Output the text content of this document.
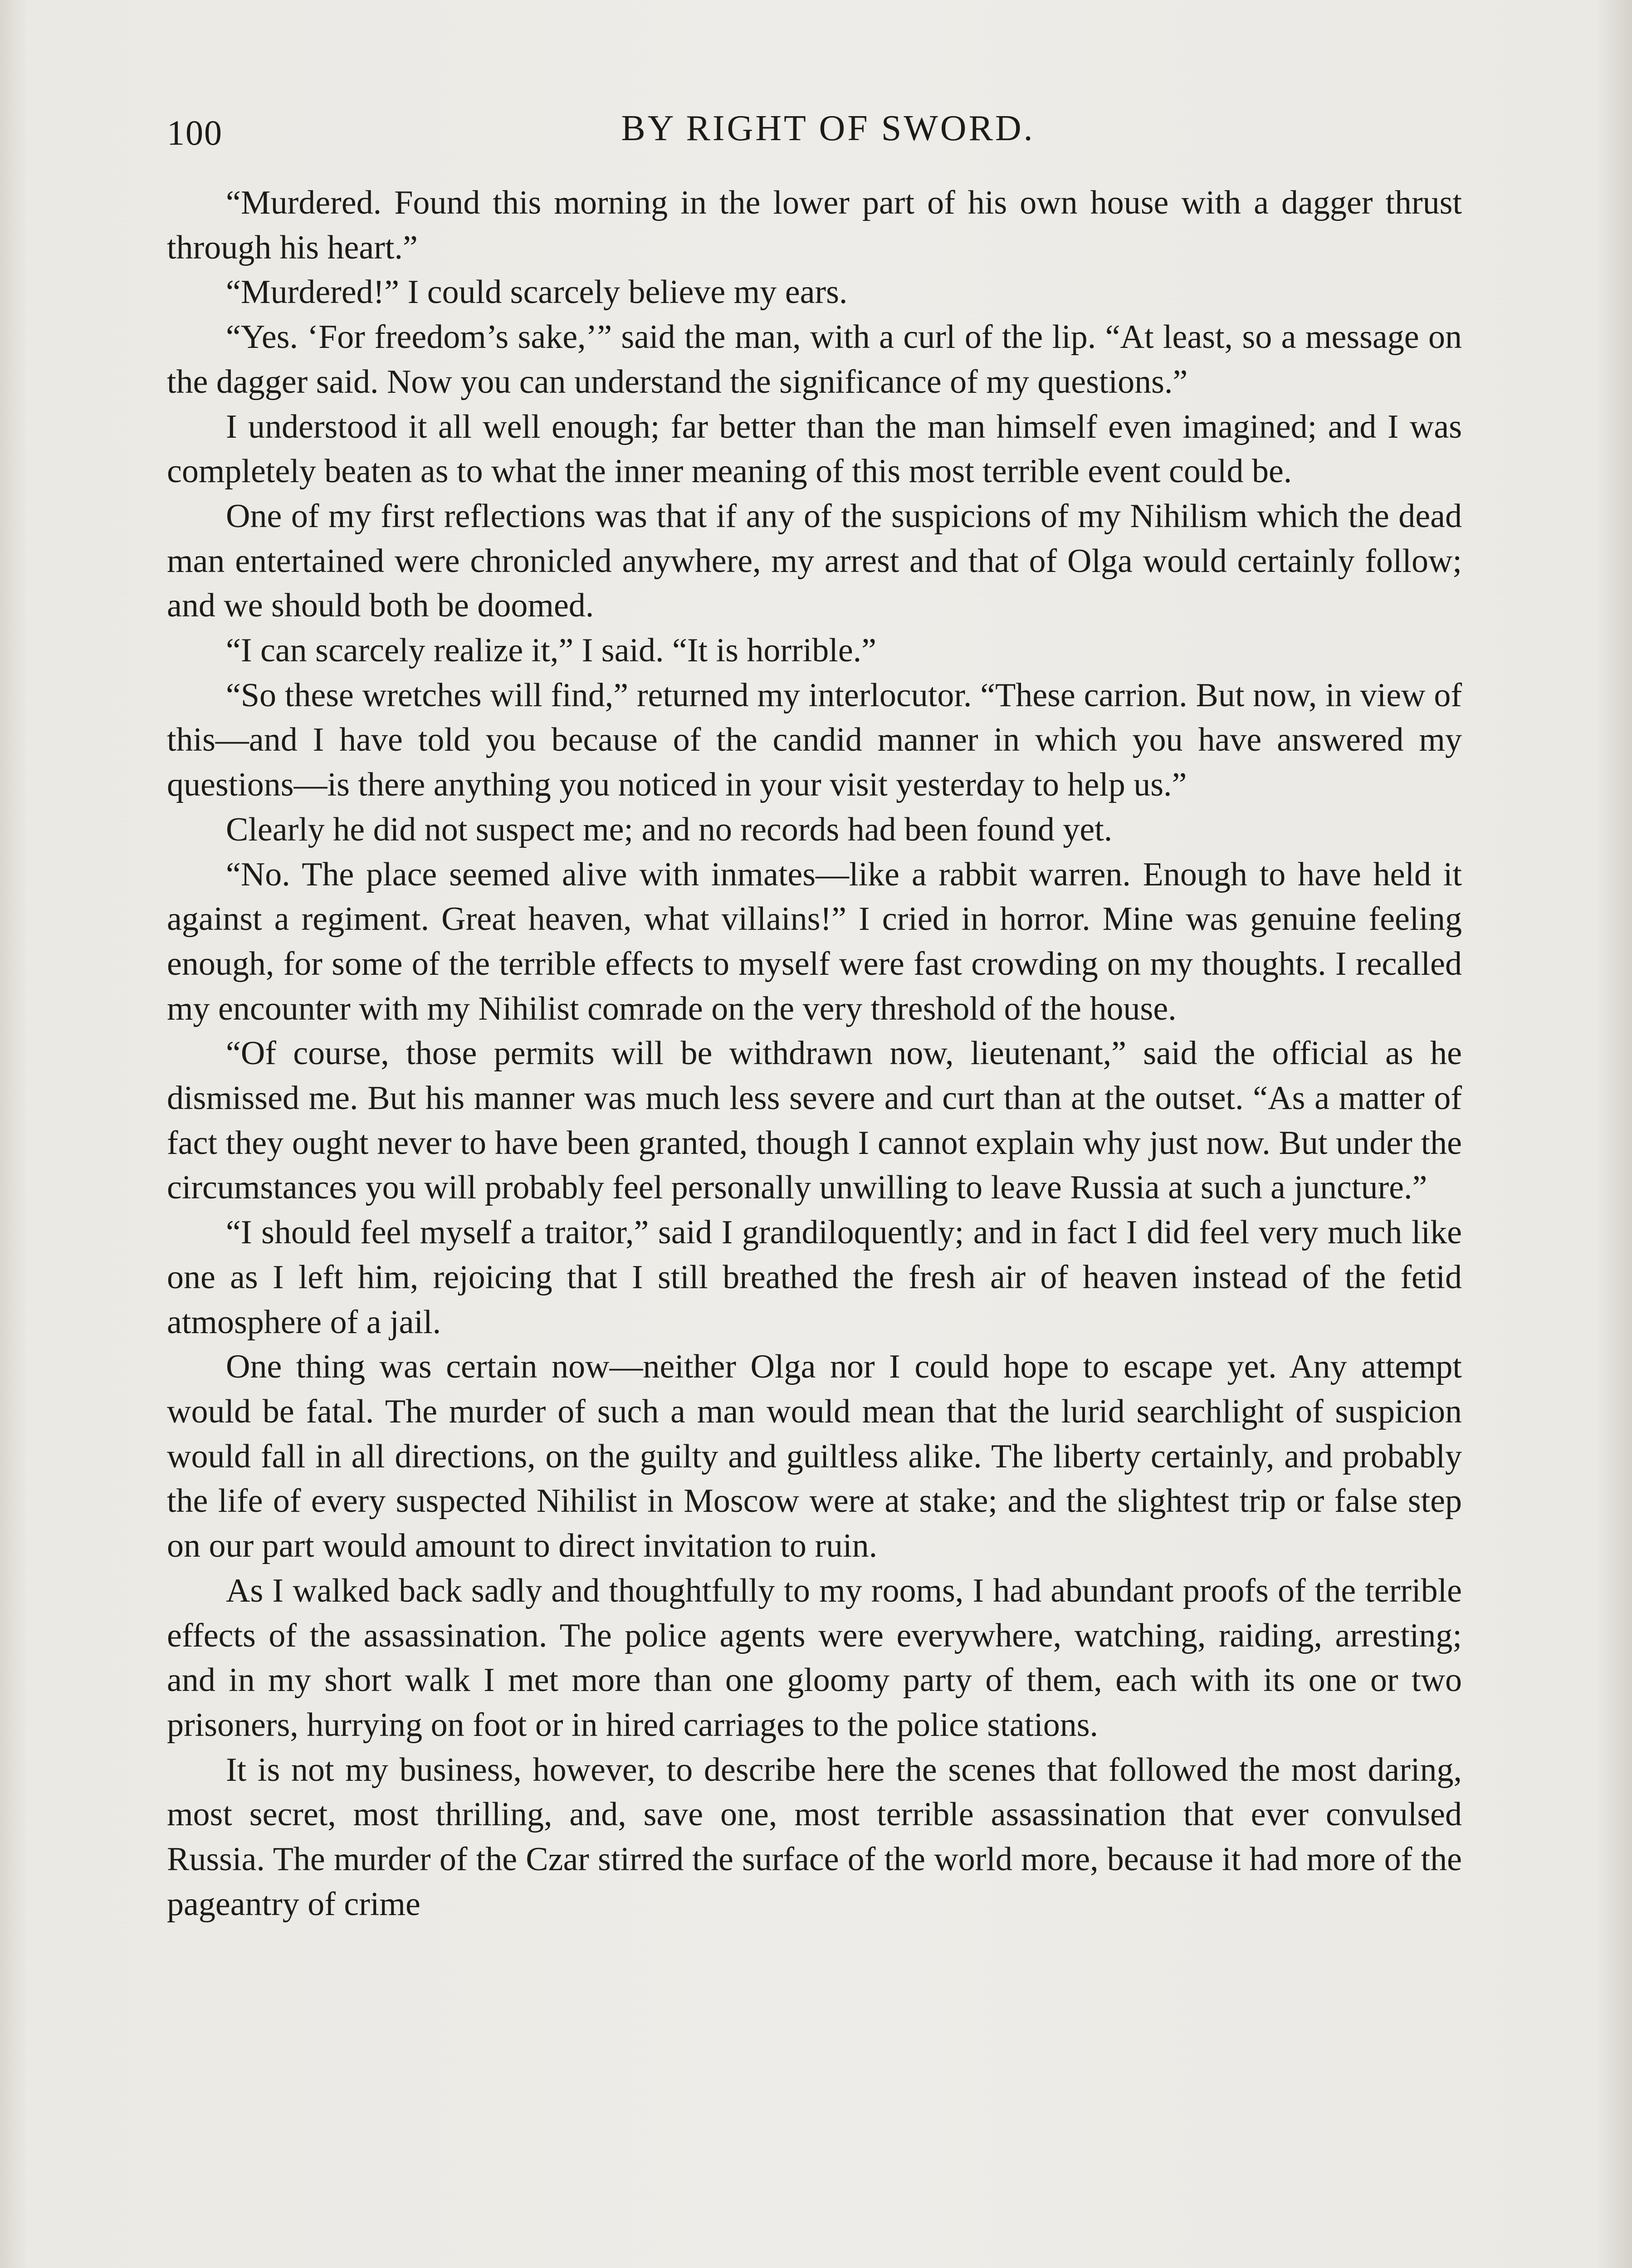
100	BY RIGHT OF SWORD.

“Murdered. Found this morning in the lower part of his own house with a dagger thrust through his heart.”

“Murdered!” I could scarcely believe my ears.

“Yes. ‘For freedom’s sake,’” said the man, with a curl of the lip. “At least, so a message on the dagger said. Now you can understand the significance of my questions.”

I understood it all well enough; far better than the man himself even imagined; and I was completely beaten as to what the inner meaning of this most terrible event could be.

One of my first reflections was that if any of the suspicions of my Nihilism which the dead man entertained were chronicled anywhere, my arrest and that of Olga would certainly follow; and we should both be doomed.

“I can scarcely realize it,” I said. “It is horrible.”

“So these wretches will find,” returned my interlocutor. “These carrion. But now, in view of this—and I have told you because of the candid manner in which you have answered my questions—is there anything you noticed in your visit yesterday to help us.”

Clearly he did not suspect me; and no records had been found yet.

“No. The place seemed alive with inmates—like a rabbit warren. Enough to have held it against a regiment. Great heaven, what villains!” I cried in horror. Mine was genuine feeling enough, for some of the terrible effects to myself were fast crowding on my thoughts. I recalled my encounter with my Nihilist comrade on the very threshold of the house.

“Of course, those permits will be withdrawn now, lieutenant,” said the official as he dismissed me. But his manner was much less severe and curt than at the outset. “As a matter of fact they ought never to have been granted, though I cannot explain why just now. But under the circumstances you will probably feel personally unwilling to leave Russia at such a juncture.”

“I should feel myself a traitor,” said I grandiloquently; and in fact I did feel very much like one as I left him, rejoicing that I still breathed the fresh air of heaven instead of the fetid atmosphere of a jail.

One thing was certain now—neither Olga nor I could hope to escape yet. Any attempt would be fatal. The murder of such a man would mean that the lurid searchlight of suspicion would fall in all directions, on the guilty and guiltless alike. The liberty certainly, and probably the life of every suspected Nihilist in Moscow were at stake; and the slightest trip or false step on our part would amount to direct invitation to ruin.

As I walked back sadly and thoughtfully to my rooms, I had abundant proofs of the terrible effects of the assassination. The police agents were everywhere, watching, raiding, arresting; and in my short walk I met more than one gloomy party of them, each with its one or two prisoners, hurrying on foot or in hired carriages to the police stations.

It is not my business, however, to describe here the scenes that followed the most daring, most secret, most thrilling, and, save one, most terrible assassination that ever convulsed Russia. The murder of the Czar stirred the surface of the world more, because it had more of the pageantry of crime
